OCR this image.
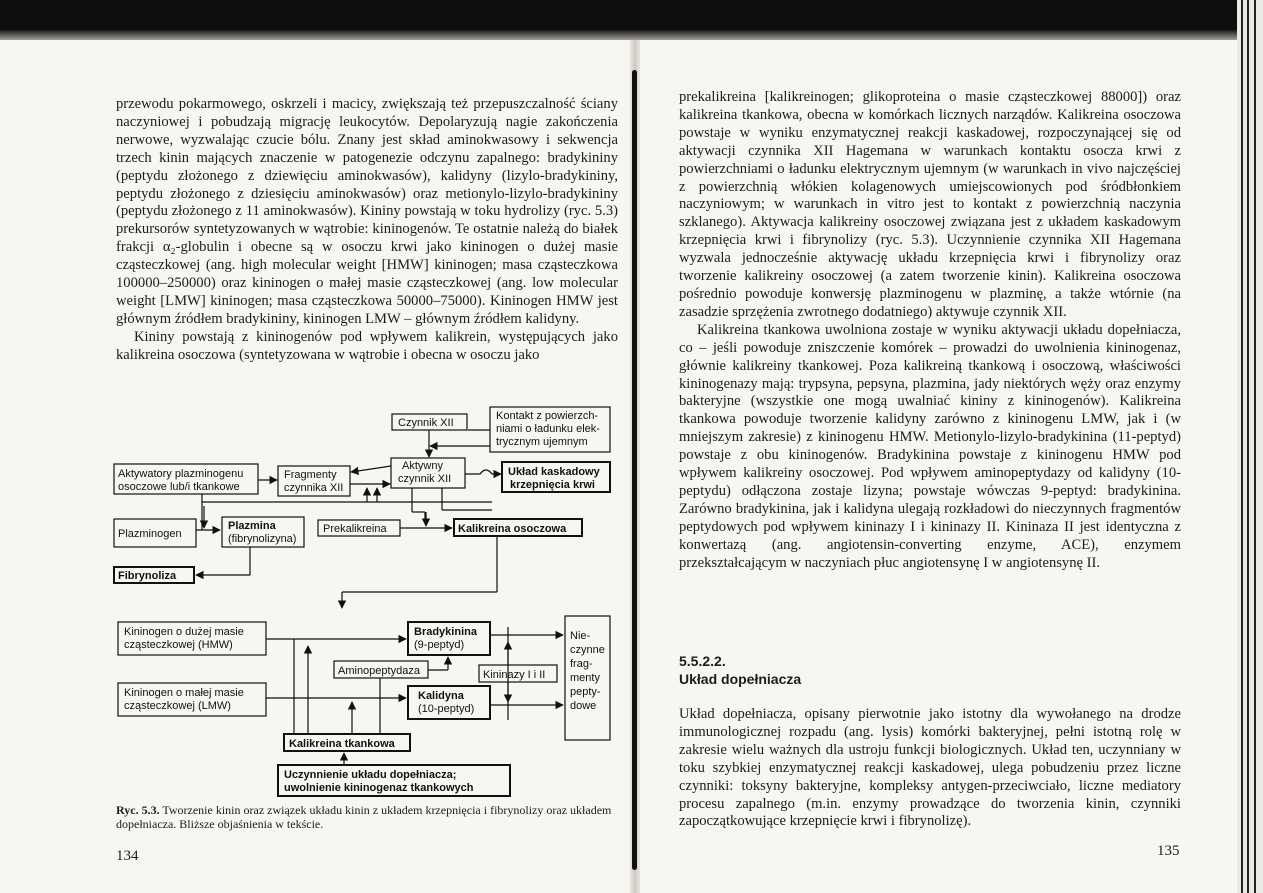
przewodu pokarmowego, oskrzeli i macicy, zwiększają też przepuszczalność ściany naczyniowej i pobudzają migrację leukocytów. Depolaryzują nagie zakończenia nerwowe, wyzwalając czucie bólu. Znany jest skład aminokwasowy i sekwencja trzech kinin mających znaczenie w patogenezie odczynu zapalnego: bradykininy (peptydu złożonego z dziewięciu aminokwasów), kalidyny (lizylo-bradykininy, peptydu złożonego z dziesięciu aminokwasów) oraz metionylo-lizylo-bradykininy (peptydu złożonego z 11 aminokwasów). Kininy powstają w toku hydrolizy (ryc. 5.3) prekursorów syntetyzowanych w wątrobie: kininogenów. Te ostatnie należą do białek frakcji α₂-globulin i obecne są w osoczu krwi jako kininogen o dużej masie cząsteczkowej (ang. high molecular weight [HMW] kininogen; masa cząsteczkowa 100000–250000) oraz kininogen o małej masie cząsteczkowej (ang. low molecular weight [LMW] kininogen; masa cząsteczkowa 50000–75000). Kininogen HMW jest głównym źródłem bradykininy, kininogen LMW – głównym źródłem kalidyny.

Kininy powstają z kininogenów pod wpływem kalikrein, występujących jako kalikreina osoczowa (syntetyzowana w wątrobie i obecna w osoczu jako

Czynnik XII
Kontakt z powierzch-
niami o ładunku elek-
trycznym ujemnym
Aktywatory plazminogenu
osoczowe lub/i tkankowe
Fragmenty
czynnika XII
Aktywny
czynnik XII
Układ kaskadowy
krzepnięcia krwi
Plazminogen
Plazmina
(fibrynolizyna)
Prekalikreina	Kalikreina osoczowa
Fibrynoliza
Kininogen o dużej masie
cząsteczkowej (HMW)
Bradykinina
(9-peptyd)
Nie-
czynne
frag-
menty
pepty-
dowe
Aminopeptydaza	Kininazy I i II
Kininogen o małej masie
cząsteczkowej (LMW)
Kalidyna
(10-peptyd)
Kalikreina tkankowa
Uczynnienie układu dopełniacza;
uwolnienie kininogenaz tkankowych
Ryc. 5.3. Tworzenie kinin oraz związek układu kinin z układem krzepnięcia i fibrynolizy oraz układem dopełniacza. Bliższe objaśnienia w tekście.
134

prekalikreina [kalikreinogen; glikoproteina o masie cząsteczkowej 88000]) oraz kalikreina tkankowa, obecna w komórkach licznych narządów. Kalikreina osoczowa powstaje w wyniku enzymatycznej reakcji kaskadowej, rozpoczynającej się od aktywacji czynnika XII Hagemana w warunkach kontaktu osocza krwi z powierzchniami o ładunku elektrycznym ujemnym (w warunkach in vivo najczęściej z powierzchnią włókien kolagenowych umiejscowionych pod śródbłonkiem naczyniowym; w warunkach in vitro jest to kontakt z powierzchnią naczynia szklanego). Aktywacja kalikreiny osoczowej związana jest z układem kaskadowym krzepnięcia krwi i fibrynolizy (ryc. 5.3). Uczynnienie czynnika XII Hagemana wyzwala jednocześnie aktywację układu krzepnięcia krwi i fibrynolizy oraz tworzenie kalikreiny osoczowej (a zatem tworzenie kinin). Kalikreina osoczowa pośrednio powoduje konwersję plazminogenu w plazminę, a także wtórnie (na zasadzie sprzężenia zwrotnego dodatniego) aktywuje czynnik XII.

Kalikreina tkankowa uwolniona zostaje w wyniku aktywacji układu dopełniacza, co – jeśli powoduje zniszczenie komórek – prowadzi do uwolnienia kininogenaz, głównie kalikreiny tkankowej. Poza kalikreiną tkankową i osoczową, właściwości kininogenazy mają: trypsyna, pepsyna, plazmina, jady niektórych węży oraz enzymy bakteryjne (wszystkie one mogą uwalniać kininy z kininogenów). Kalikreina tkankowa powoduje tworzenie kalidyny zarówno z kininogenu LMW, jak i (w mniejszym zakresie) z kininogenu HMW. Metionylo-lizylo-bradykinina (11-peptyd) powstaje z obu kininogenów. Bradykinina powstaje z kininogenu HMW pod wpływem kalikreiny osoczowej. Pod wpływem aminopeptydazy od kalidyny (10-peptydu) odłączona zostaje lizyna; powstaje wówczas 9-peptyd: bradykinina. Zarówno bradykinina, jak i kalidyna ulegają rozkładowi do nieczynnych fragmentów peptydowych pod wpływem kininazy I i kininazy II. Kininaza II jest identyczna z konwertazą (ang. angiotensin-converting enzyme, ACE), enzymem przekształcającym w naczyniach płuc angiotensynę I w angiotensynę II.

5.5.2.2.
Układ dopełniacza

Układ dopełniacza, opisany pierwotnie jako istotny dla wywołanego na drodze immunologicznej rozpadu (ang. lysis) komórki bakteryjnej, pełni istotną rolę w zakresie wielu ważnych dla ustroju funkcji biologicznych. Układ ten, uczynniany w toku szybkiej enzymatycznej reakcji kaskadowej, ulega pobudzeniu przez liczne czynniki: toksyny bakteryjne, kompleksy antygen-przeciwciało, liczne mediatory procesu zapalnego (m.in. enzymy prowadzące do tworzenia kinin, czynniki zapoczątkowujące krzepnięcie krwi i fibrynolizę).

135
